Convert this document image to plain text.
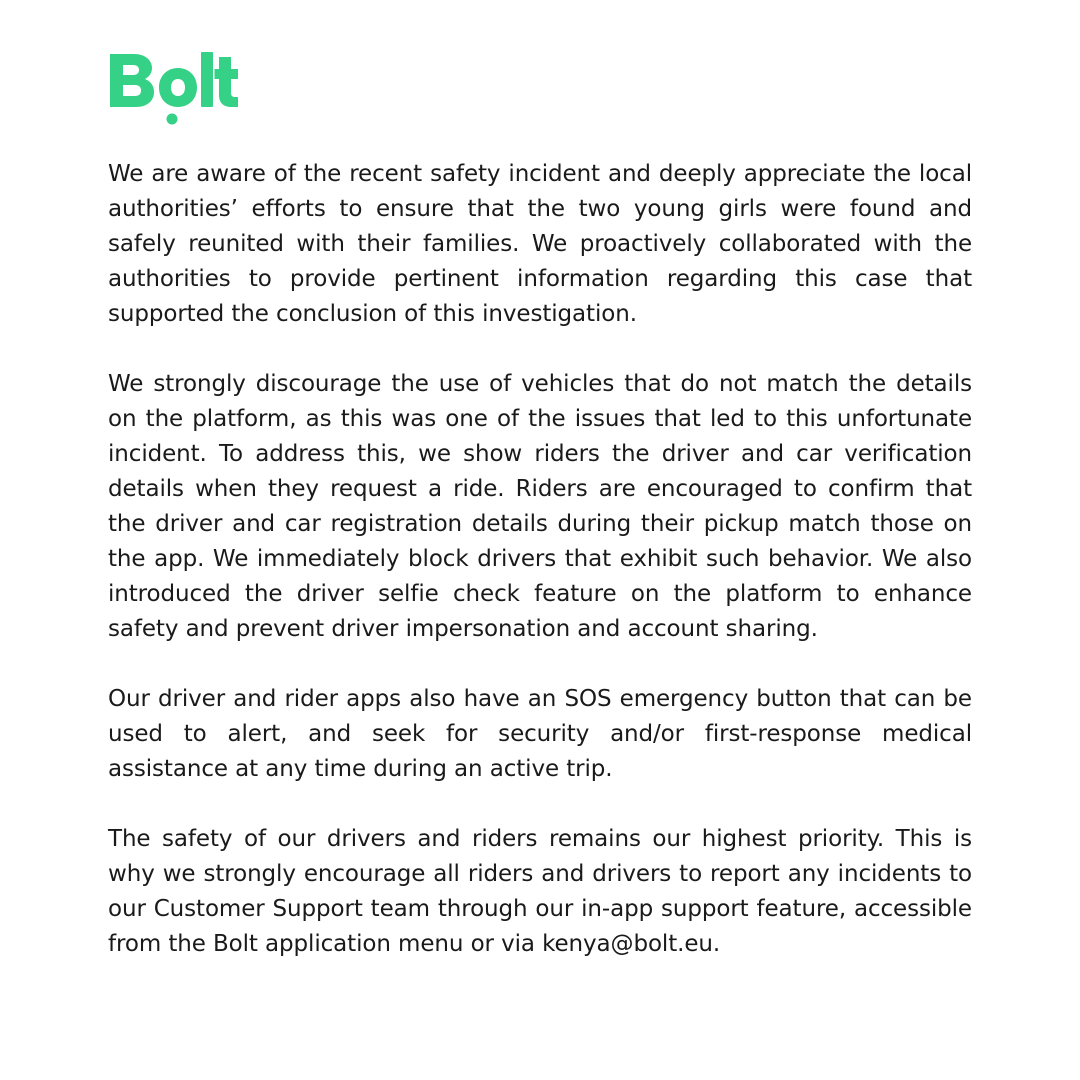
We are aware of the recent safety incident and deeply appreciate the local authorities’ efforts to ensure that the two young girls were found and safely reunited with their families. We proactively collaborated with the authorities to provide pertinent information regarding this case that supported the conclusion of this investigation.

We strongly discourage the use of vehicles that do not match the details on the platform, as this was one of the issues that led to this unfortunate incident. To address this, we show riders the driver and car verification details when they request a ride. Riders are encouraged to confirm that the driver and car registration details during their pickup match those on the app. We immediately block drivers that exhibit such behavior. We also introduced the driver selfie check feature on the platform to enhance safety and prevent driver impersonation and account sharing.

Our driver and rider apps also have an SOS emergency button that can be used to alert, and seek for security and/or first-response medical assistance at any time during an active trip.

The safety of our drivers and riders remains our highest priority. This is why we strongly encourage all riders and drivers to report any incidents to our Customer Support team through our in-app support feature, accessible from the Bolt application menu or via kenya@bolt.eu.
